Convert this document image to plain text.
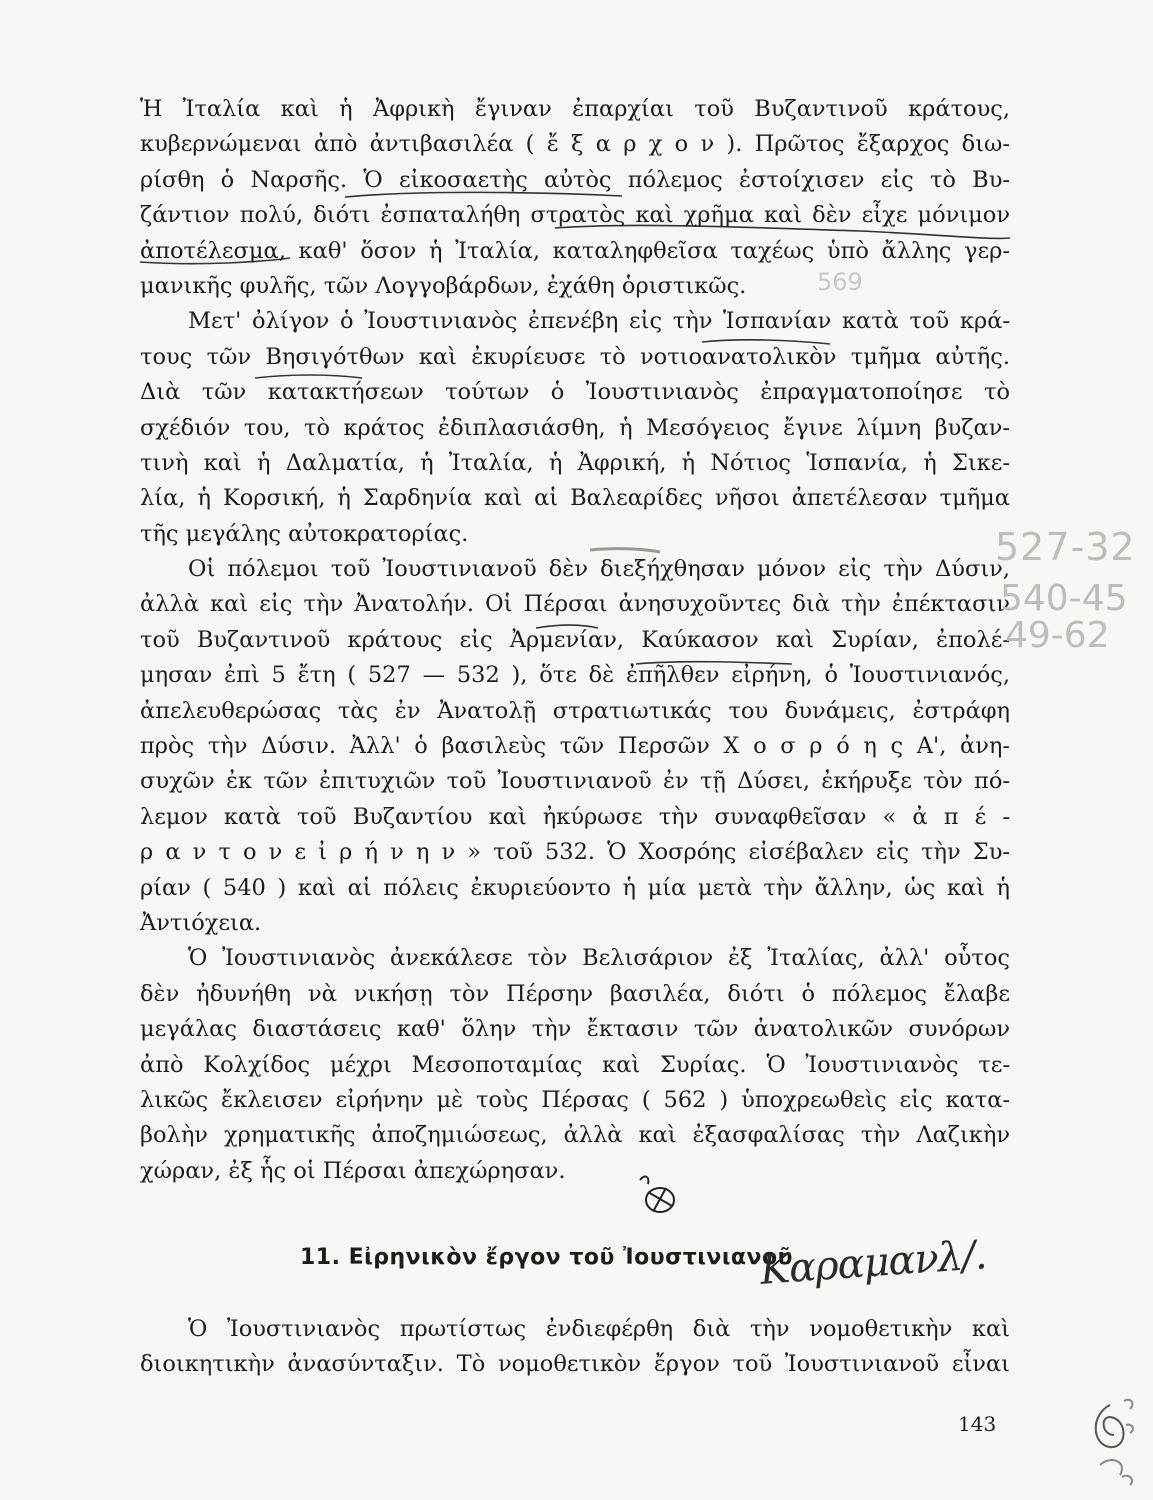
Ἡ Ἰταλία καὶ ἡ Ἀφρικὴ ἔγιναν ἐπαρχίαι τοῦ Βυζαντινοῦ κράτους,
κυβερνώμεναι ἀπὸ ἀντιβασιλέα ( ἔ ξ α ρ χ ο ν ). Πρῶτος ἔξαρχος διω-
ρίσθη ὁ Ναρσῆς. Ὁ εἰκοσαετὴς αὐτὸς πόλεμος ἐστοίχισεν εἰς τὸ Βυ-
ζάντιον πολύ, διότι ἐσπαταλήθη στρατὸς καὶ χρῆμα καὶ δὲν εἶχε μόνιμον
ἀποτέλεσμα, καθ' ὅσον ἡ Ἰταλία, καταληφθεῖσα ταχέως ὑπὸ ἄλλης γερ-
μανικῆς φυλῆς, τῶν Λογγοβάρδων, ἐχάθη ὁριστικῶς.
Μετ' ὀλίγον ὁ Ἰουστινιανὸς ἐπενέβη εἰς τὴν Ἱσπανίαν κατὰ τοῦ κρά-
τους τῶν Βησιγότθων καὶ ἐκυρίευσε τὸ νοτιοανατολικὸν τμῆμα αὐτῆς.
Διὰ τῶν κατακτήσεων τούτων ὁ Ἰουστινιανὸς ἐπραγματοποίησε τὸ
σχέδιόν του, τὸ κράτος ἐδιπλασιάσθη, ἡ Μεσόγειος ἔγινε λίμνη βυζαν-
τινὴ καὶ ἡ Δαλματία, ἡ Ἰταλία, ἡ Ἀφρική, ἡ Νότιος Ἱσπανία, ἡ Σικε-
λία, ἡ Κορσική, ἡ Σαρδηνία καὶ αἱ Βαλεαρίδες νῆσοι ἀπετέλεσαν τμῆμα
τῆς μεγάλης αὐτοκρατορίας.
Οἱ πόλεμοι τοῦ Ἰουστινιανοῦ δὲν διεξήχθησαν μόνον εἰς τὴν Δύσιν,
ἀλλὰ καὶ εἰς τὴν Ἀνατολήν. Οἱ Πέρσαι ἀνησυχοῦντες διὰ τὴν ἐπέκτασιν
τοῦ Βυζαντινοῦ κράτους εἰς Ἀρμενίαν, Καύκασον καὶ Συρίαν, ἐπολέ-
μησαν ἐπὶ 5 ἔτη ( 527 — 532 ), ὅτε δὲ ἐπῆλθεν εἰρήνη, ὁ Ἰουστινιανός,
ἀπελευθερώσας τὰς ἐν Ἀνατολῇ στρατιωτικάς του δυνάμεις, ἐστράφη
πρὸς τὴν Δύσιν. Ἀλλ' ὁ βασιλεὺς τῶν Περσῶν Χ ο σ ρ ό η ς Α', ἀνη-
συχῶν ἐκ τῶν ἐπιτυχιῶν τοῦ Ἰουστινιανοῦ ἐν τῇ Δύσει, ἐκήρυξε τὸν πό-
λεμον κατὰ τοῦ Βυζαντίου καὶ ἠκύρωσε τὴν συναφθεῖσαν « ἀ π έ -
ρ α ν τ ο ν ε ἰ ρ ή ν η ν » τοῦ 532. Ὁ Χοσρόης εἰσέβαλεν εἰς τὴν Συ-
ρίαν ( 540 ) καὶ αἱ πόλεις ἐκυριεύοντο ἡ μία μετὰ τὴν ἄλλην, ὡς καὶ ἡ
Ἀντιόχεια.
Ὁ Ἰουστινιανὸς ἀνεκάλεσε τὸν Βελισάριον ἐξ Ἰταλίας, ἀλλ' οὗτος
δὲν ἠδυνήθη νὰ νικήσῃ τὸν Πέρσην βασιλέα, διότι ὁ πόλεμος ἔλαβε
μεγάλας διαστάσεις καθ' ὅλην τὴν ἔκτασιν τῶν ἀνατολικῶν συνόρων
ἀπὸ Κολχίδος μέχρι Μεσοποταμίας καὶ Συρίας. Ὁ Ἰουστινιανὸς τε-
λικῶς ἔκλεισεν εἰρήνην μὲ τοὺς Πέρσας ( 562 ) ὑποχρεωθεὶς εἰς κατα-
βολὴν χρηματικῆς ἀποζημιώσεως, ἀλλὰ καὶ ἐξασφαλίσας τὴν Λαζικὴν
χώραν, ἐξ ἧς οἱ Πέρσαι ἀπεχώρησαν.
11. Εἰρηνικὸν ἔργον τοῦ Ἰουστινιανοῦ
Ὁ Ἰουστινιανὸς πρωτίστως ἐνδιεφέρθη διὰ τὴν νομοθετικὴν καὶ
διοικητικὴν ἀνασύνταξιν. Τὸ νομοθετικὸν ἔργον τοῦ Ἰουστινιανοῦ εἶναι
143
527-32
540-45
49-62
569
Καραμανλ/.
